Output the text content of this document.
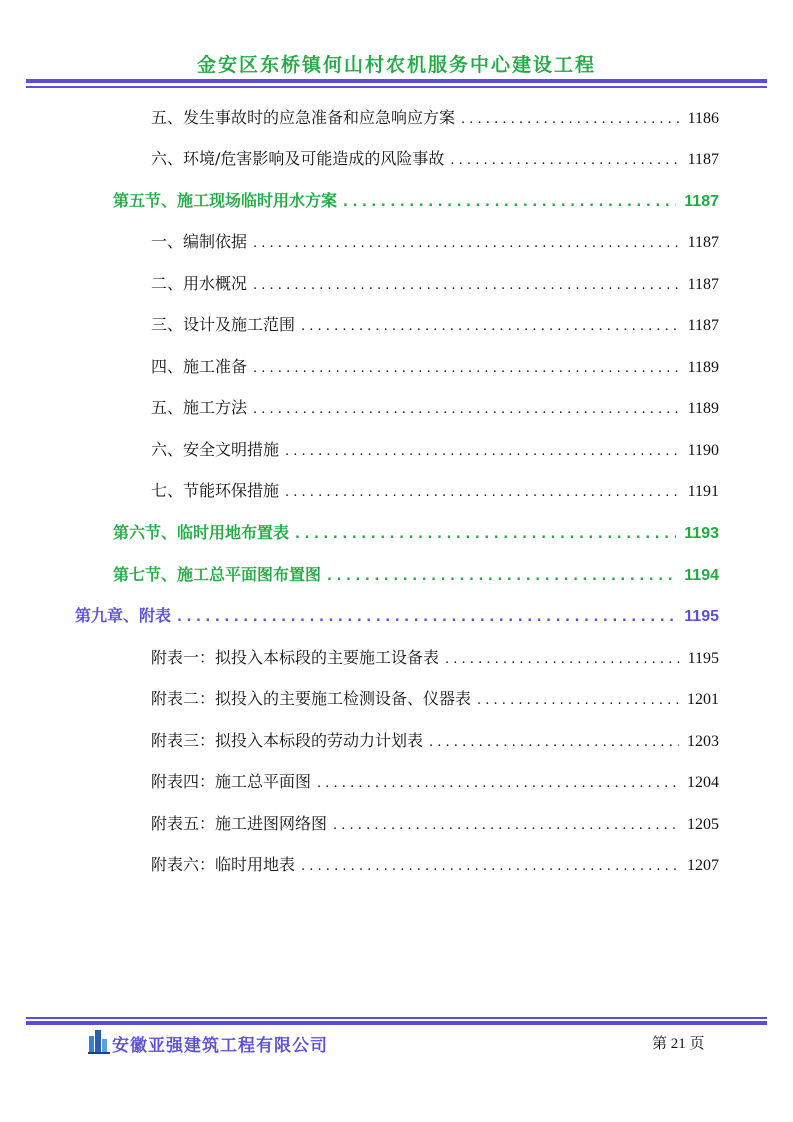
金安区东桥镇何山村农机服务中心建设工程
五、发生事故时的应急准备和应急响应方案 . . .	1186
六、环境/危害影响及可能造成的风险事故 . . .	1187
第五节、施工现场临时用水方案 . . .	1187
一、编制依据 . . .	1187
二、用水概况 . . .	1187
三、设计及施工范围 . . .	1187
四、施工准备 . . .	1189
五、施工方法 . . .	1189
六、安全文明措施 . . .	1190
七、节能环保措施 . . .	1191
第六节、临时用地布置表 . . .	1193
第七节、施工总平面图布置图 . . .	1194
第九章、附表 . . .	1195
附表一：拟投入本标段的主要施工设备表 . . .	1195
附表二：拟投入的主要施工检测设备、仪器表 . . .	1201
附表三：拟投入本标段的劳动力计划表 . . .	1203
附表四：施工总平面图 . . .	1204
附表五：施工进图网络图 . . .	1205
附表六：临时用地表 . . .	1207
安徽亚强建筑工程有限公司	第 21 页
